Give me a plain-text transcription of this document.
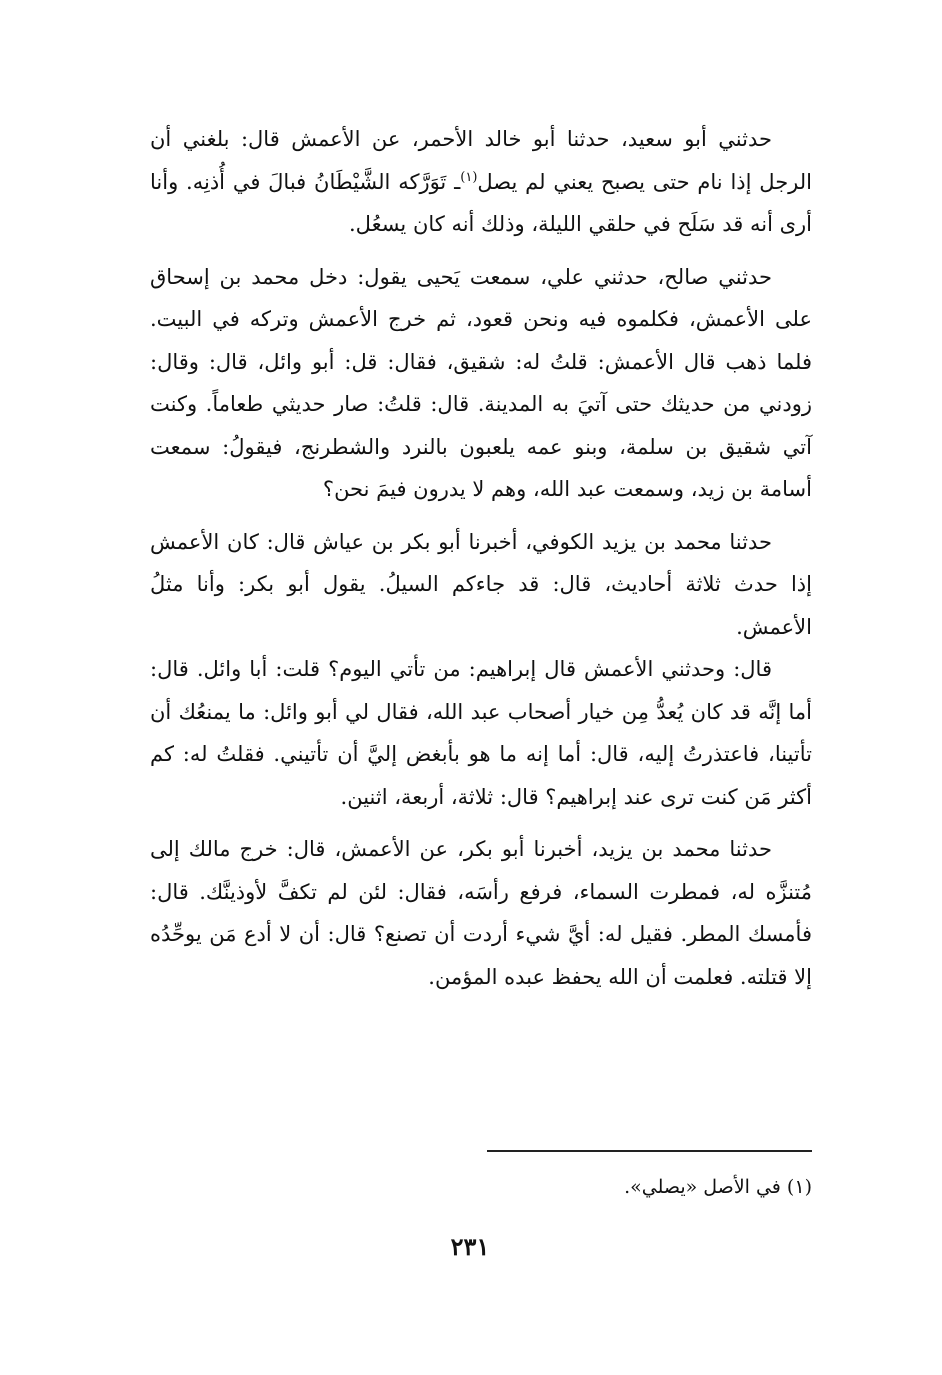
حدثني أبو سعيد، حدثنا أبو خالد الأحمر، عن الأعمش قال: بلغني أن الرجل إذا نام حتى يصبح يعني لم يصل$^{(١)}$ـ تَوَرَّكه الشَّيْطَانُ فبالَ في أُذنِه. وأنا أرى أنه قد سَلَح في حلقي الليلة، وذلك أنه كان يسعُل.

حدثني صالح، حدثني علي، سمعت يَحيى يقول: دخل محمد بن إسحاق على الأعمش، فكلموه فيه ونحن قعود، ثم خرج الأعمش وتركه في البيت. فلما ذهب قال الأعمش: قلتُ له: شقيق، فقال: قل: أبو وائل، قال: وقال: زودني من حديثك حتى آتيَ به المدينة. قال: قلتُ: صار حديثي طعاماً. وكنت آتي شقيق بن سلمة، وبنو عمه يلعبون بالنرد والشطرنج، فيقولُ: سمعت أسامة بن زيد، وسمعت عبد الله، وهم لا يدرون فيمَ نحن؟

حدثنا محمد بن يزيد الكوفي، أخبرنا أبو بكر بن عياش قال: كان الأعمش إذا حدث ثلاثة أحاديث، قال: قد جاءكم السيلُ. يقول أبو بكر: وأنا مثلُ الأعمش.

قال: وحدثني الأعمش قال إبراهيم: من تأتي اليوم؟ قلت: أبا وائل. قال: أما إنَّه قد كان يُعدُّ مِن خيار أصحاب عبد الله، فقال لي أبو وائل: ما يمنعُك أن تأتينا، فاعتذرتُ إليه، قال: أما إنه ما هو بأبغض إليَّ أن تأتيني. فقلتُ له: كم أكثر مَن كنت ترى عند إبراهيم؟ قال: ثلاثة، أربعة، اثنين.

حدثنا محمد بن يزيد، أخبرنا أبو بكر، عن الأعمش، قال: خرج مالك إلى مُتنزَّه له، فمطرت السماء، فرفع رأسَه، فقال: لئن لم تكفَّ لأوذينَّك. قال: فأمسك المطر. فقيل له: أيَّ شيء أردت أن تصنع؟ قال: أن لا أدع مَن يوحِّدُه إلا قتلته. فعلمت أن الله يحفظ عبده المؤمن.

(١) في الأصل «يصلي».
٢٣١
